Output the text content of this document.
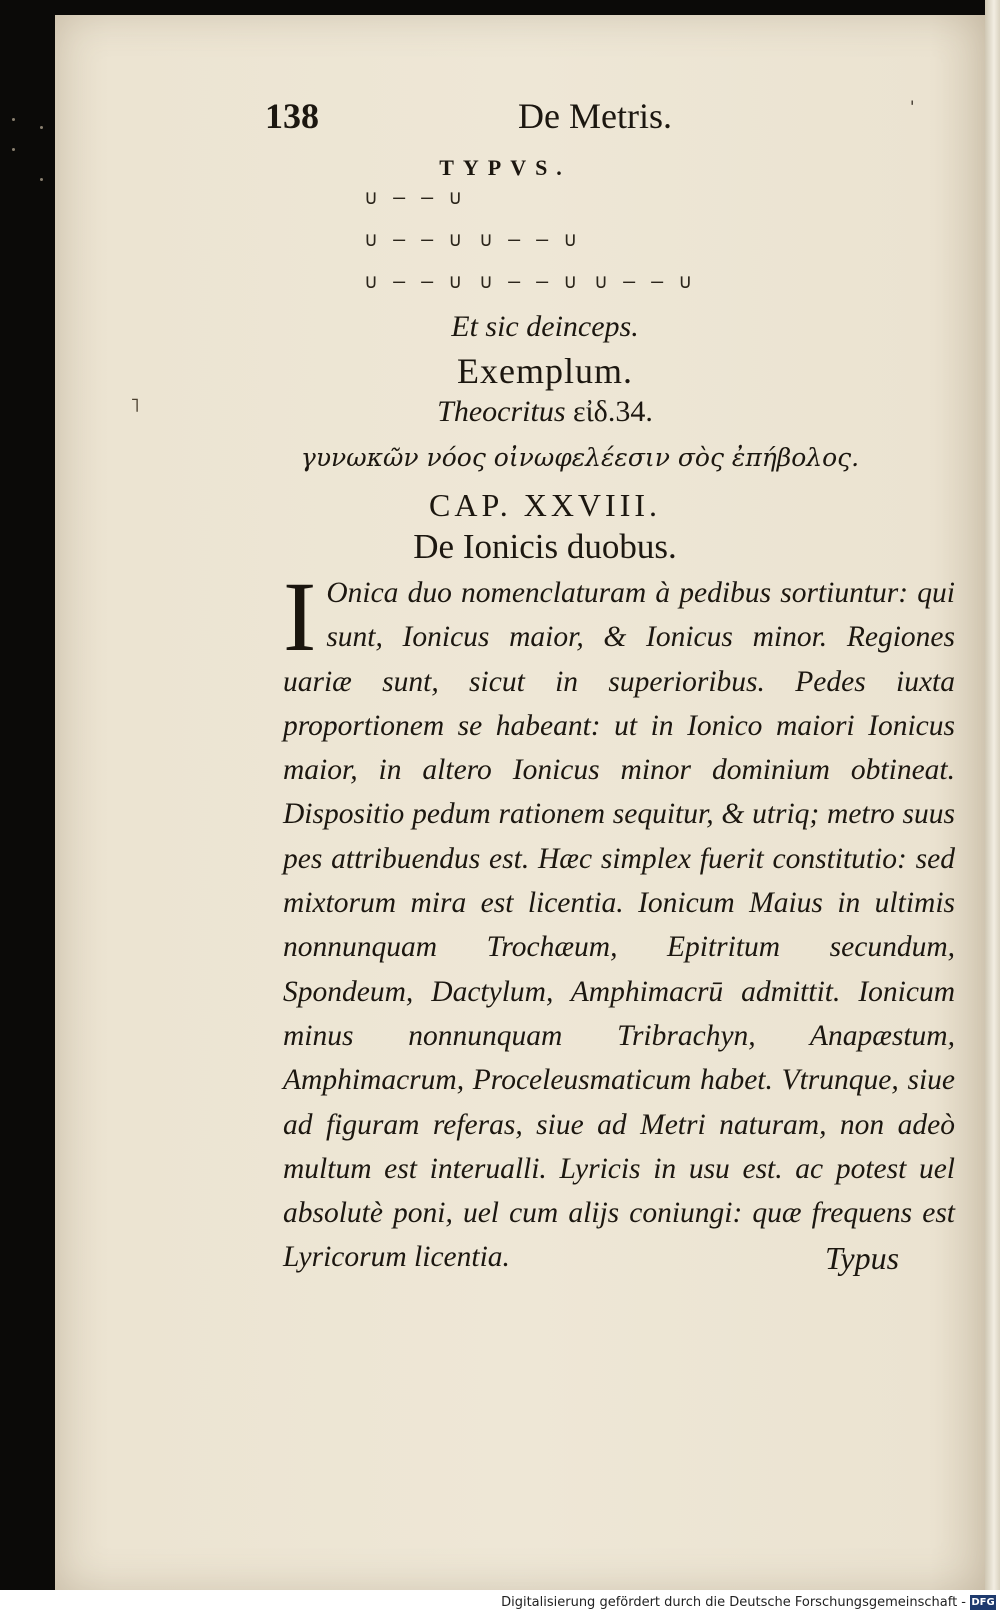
138	De Metris.	'
TYPVS.
∪ – – ∪
∪ – – ∪ ∪ – – ∪
∪ – – ∪ ∪ – – ∪ ∪ – – ∪
Et sic deinceps.
Exemplum.
Theocritus εἰδ.34.
γυνωκῶν νόος οἰνωφελέεσιν σὸς ἐπήβολος.
CAP. XXVIII.
De Ionicis duobus.
I Onica duo nomenclaturam à pedibus sortiuntur: qui sunt, Ionicus maior, & Ionicus minor. Regiones uariæ sunt, sicut in superioribus. Pedes iuxta proportionem se habeant: ut in Ionico maiori Ionicus maior, in altero Ionicus minor dominium obtineat. Dispositio pedum rationem sequitur, & utriq; metro suus pes attribuendus est. Hæc simplex fuerit constitutio: sed mixtorum mira est licentia. Ionicum Maius in ultimis nonnunquam Trochæum, Epitritum secundum, Spondeum, Dactylum, Amphimacrū admittit. Ionicum minus nonnunquam Tribrachyn, Anapæstum, Amphimacrum, Proceleusmaticum habet. Vtrunque, siue ad figuram referas, siue ad Metri naturam, non adeò multum est interualli. Lyricis in usu est. ac potest uel absolutè poni, uel cum alijs coniungi: quæ frequens est Lyricorum licentia.	Typus
˥
Digitalisierung gefördert durch die Deutsche Forschungsgemeinschaft - DFG
